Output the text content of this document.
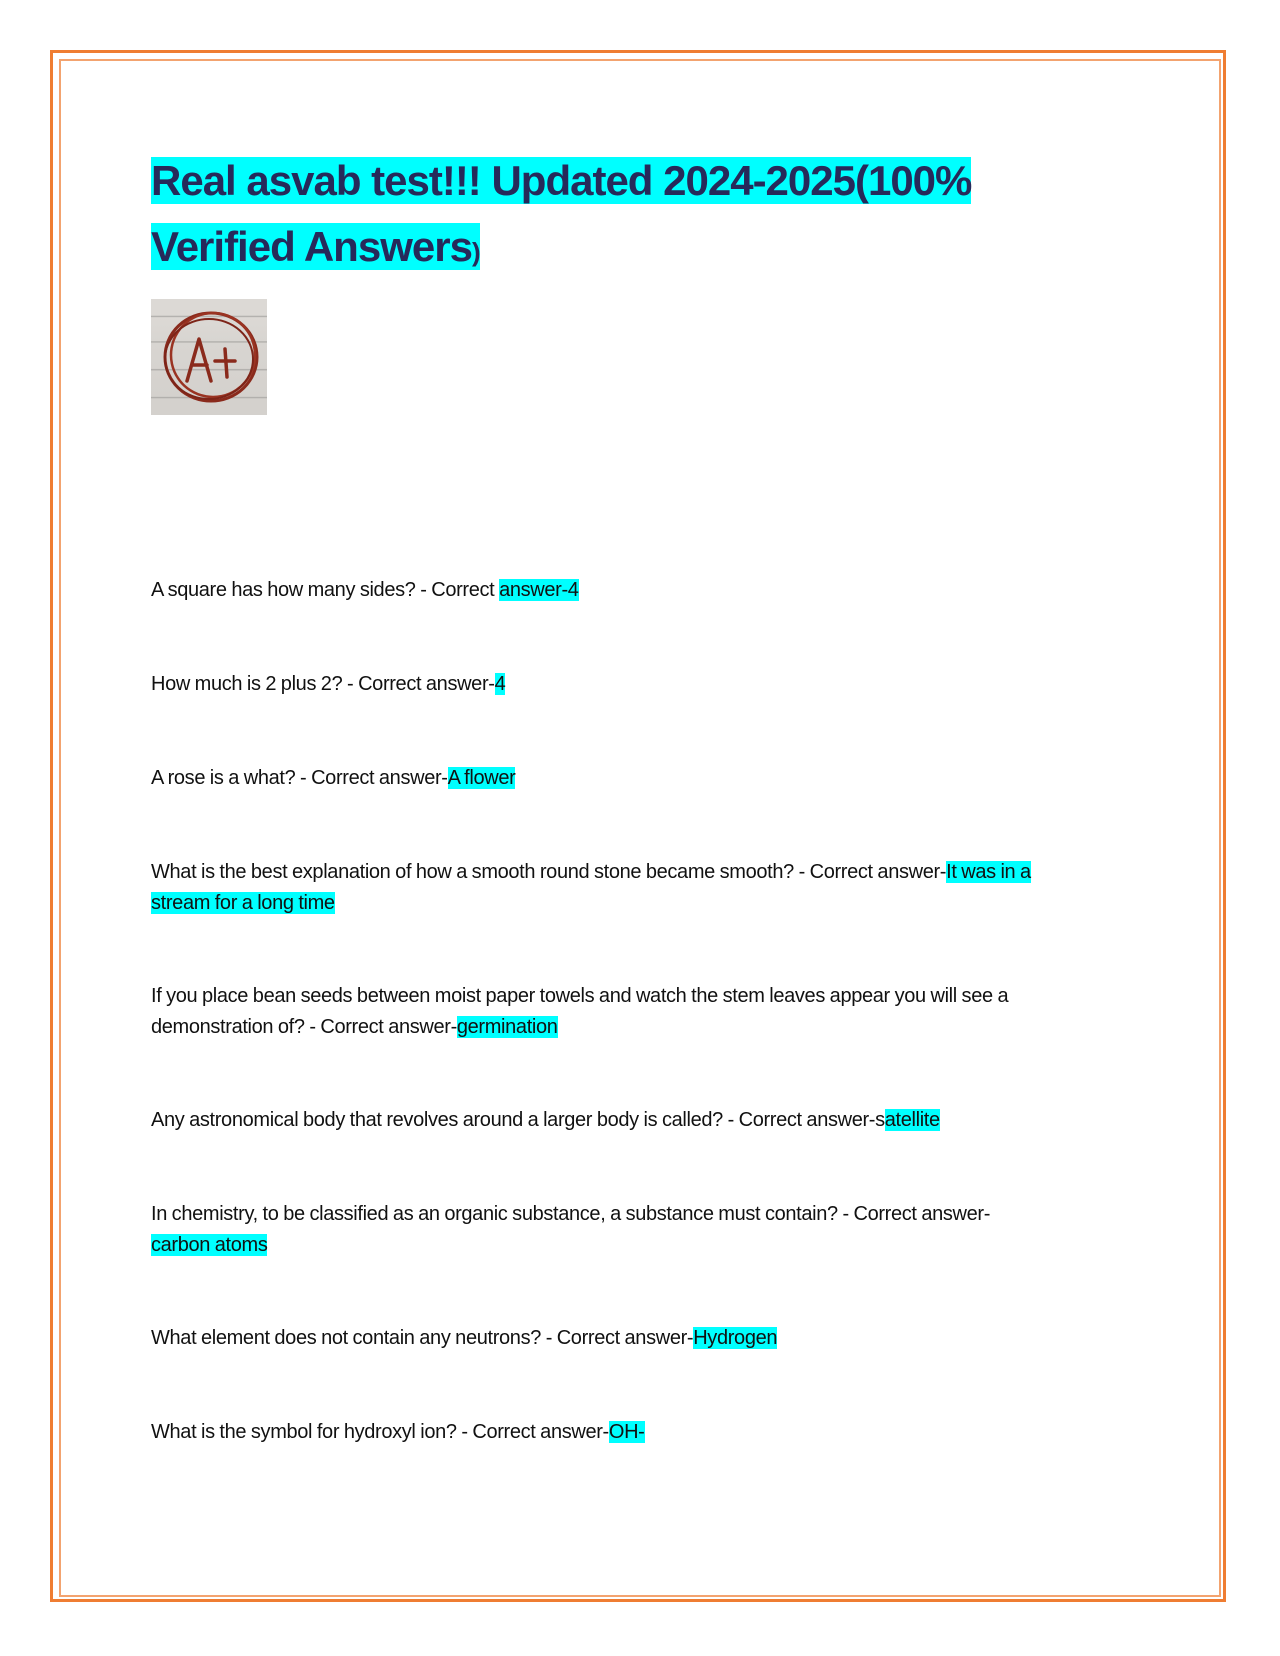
Real asvab test!!! Updated 2024-2025(100%
Verified Answers)
A square has how many sides? - Correct answer-4
How much is 2 plus 2? - Correct answer-4
A rose is a what? - Correct answer-A flower
What is the best explanation of how a smooth round stone became smooth? - Correct answer-It was in a
stream for a long time
If you place bean seeds between moist paper towels and watch the stem leaves appear you will see a
demonstration of? - Correct answer-germination
Any astronomical body that revolves around a larger body is called? - Correct answer-satellite
In chemistry, to be classified as an organic substance, a substance must contain? - Correct answer-
carbon atoms
What element does not contain any neutrons? - Correct answer-Hydrogen
What is the symbol for hydroxyl ion? - Correct answer-OH-
